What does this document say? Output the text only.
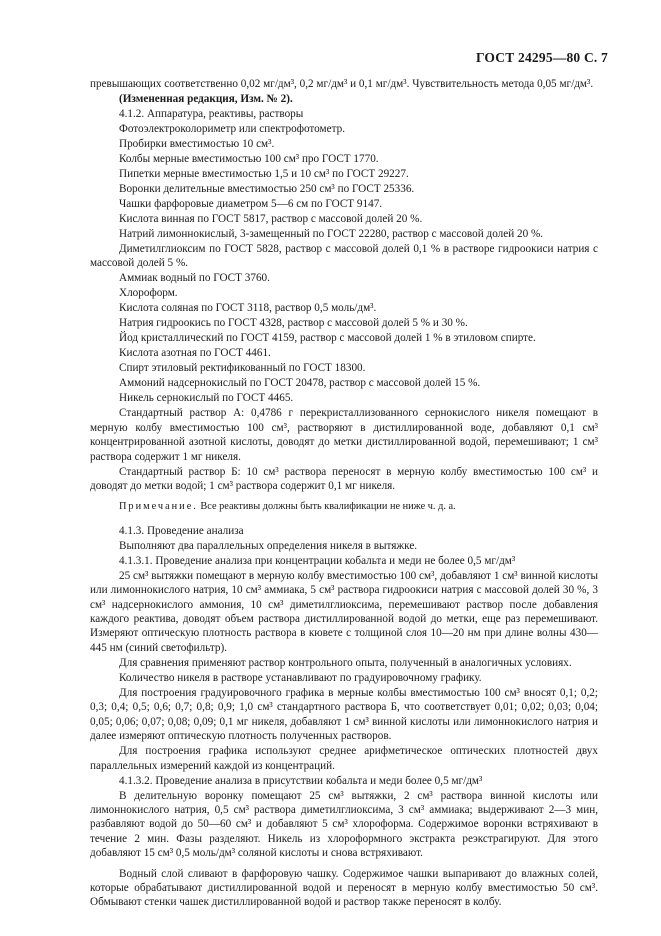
ГОСТ 24295—80 С. 7

превышающих соответственно 0,02 мг/дм³, 0,2 мг/дм³ и 0,1 мг/дм³. Чувствительность метода 0,05 мг/дм³.

(Измененная редакция, Изм. № 2).

4.1.2. Аппаратура, реактивы, растворы

Фотоэлектроколориметр или спектрофотометр.

Пробирки вместимостью 10 см³.

Колбы мерные вместимостью 100 см³ про ГОСТ 1770.

Пипетки мерные вместимостью 1,5 и 10 см³ по ГОСТ 29227.

Воронки делительные вместимостью 250 см³ по ГОСТ 25336.

Чашки фарфоровые диаметром 5—6 см по ГОСТ 9147.

Кислота винная по ГОСТ 5817, раствор с массовой долей 20 %.

Натрий лимоннокислый, 3-замещенный по ГОСТ 22280, раствор с массовой долей 20 %.

Диметилглиоксим по ГОСТ 5828, раствор с массовой долей 0,1 % в растворе гидроокиси натрия с массовой долей 5 %.

Аммиак водный по ГОСТ 3760.

Хлороформ.

Кислота соляная по ГОСТ 3118, раствор 0,5 моль/дм³.

Натрия гидроокись по ГОСТ 4328, раствор с массовой долей 5 % и 30 %.

Йод кристаллический по ГОСТ 4159, раствор с массовой долей 1 % в этиловом спирте.

Кислота азотная по ГОСТ 4461.

Спирт этиловый ректификованный по ГОСТ 18300.

Аммоний надсернокислый по ГОСТ 20478, раствор с массовой долей 15 %.

Никель сернокислый по ГОСТ 4465.

Стандартный раствор А: 0,4786 г перекристаллизованного сернокислого никеля помещают в мерную колбу вместимостью 100 см³, растворяют в дистиллированной воде, добавляют 0,1 см³ концентрированной азотной кислоты, доводят до метки дистиллированной водой, перемешивают; 1 см³ раствора содержит 1 мг никеля.

Стандартный раствор Б: 10 см³ раствора переносят в мерную колбу вместимостью 100 см³ и доводят до метки водой; 1 см³ раствора содержит 0,1 мг никеля.

Примечание. Все реактивы должны быть квалификации не ниже ч. д. а.

4.1.3. Проведение анализа

Выполняют два параллельных определения никеля в вытяжке.

4.1.3.1. Проведение анализа при концентрации кобальта и меди не более 0,5 мг/дм³

25 см³ вытяжки помещают в мерную колбу вместимостью 100 см³, добавляют 1 см³ винной кислоты или лимоннокислого натрия, 10 см³ аммиака, 5 см³ раствора гидроокиси натрия с массовой долей 30 %, 3 см³ надсернокислого аммония, 10 см³ диметилглиоксима, перемешивают раствор после добавления каждого реактива, доводят объем раствора дистиллированной водой до метки, еще раз перемешивают. Измеряют оптическую плотность раствора в кювете с толщиной слоя 10—20 нм при длине волны 430—445 нм (синий светофильтр).

Для сравнения применяют раствор контрольного опыта, полученный в аналогичных условиях.

Количество никеля в растворе устанавливают по градуировочному графику.

Для построения градуировочного графика в мерные колбы вместимостью 100 см³ вносят 0,1; 0,2; 0,3; 0,4; 0,5; 0,6; 0,7; 0,8; 0,9; 1,0 см³ стандартного раствора Б, что соответствует 0,01; 0,02; 0,03; 0,04; 0,05; 0,06; 0,07; 0,08; 0,09; 0,1 мг никеля, добавляют 1 см³ винной кислоты или лимоннокислого натрия и далее измеряют оптическую плотность полученных растворов.

Для построения графика используют среднее арифметическое оптических плотностей двух параллельных измерений каждой из концентраций.

4.1.3.2. Проведение анализа в присутствии кобальта и меди более 0,5 мг/дм³

В делительную воронку помещают 25 см³ вытяжки, 2 см³ раствора винной кислоты или лимоннокислого натрия, 0,5 см³ раствора диметилглиоксима, 3 см³ аммиака; выдерживают 2—3 мин, разбавляют водой до 50—60 см³ и добавляют 5 см³ хлороформа. Содержимое воронки встряхивают в течение 2 мин. Фазы разделяют. Никель из хлороформного экстракта реэкстрагируют. Для этого добавляют 15 см³ 0,5 моль/дм³ соляной кислоты и снова встряхивают.

Водный слой сливают в фарфоровую чашку. Содержимое чашки выпаривают до влажных солей, которые обрабатывают дистиллированной водой и переносят в мерную колбу вместимостью 50 см³. Обмывают стенки чашек дистиллированной водой и раствор также переносят в колбу.
